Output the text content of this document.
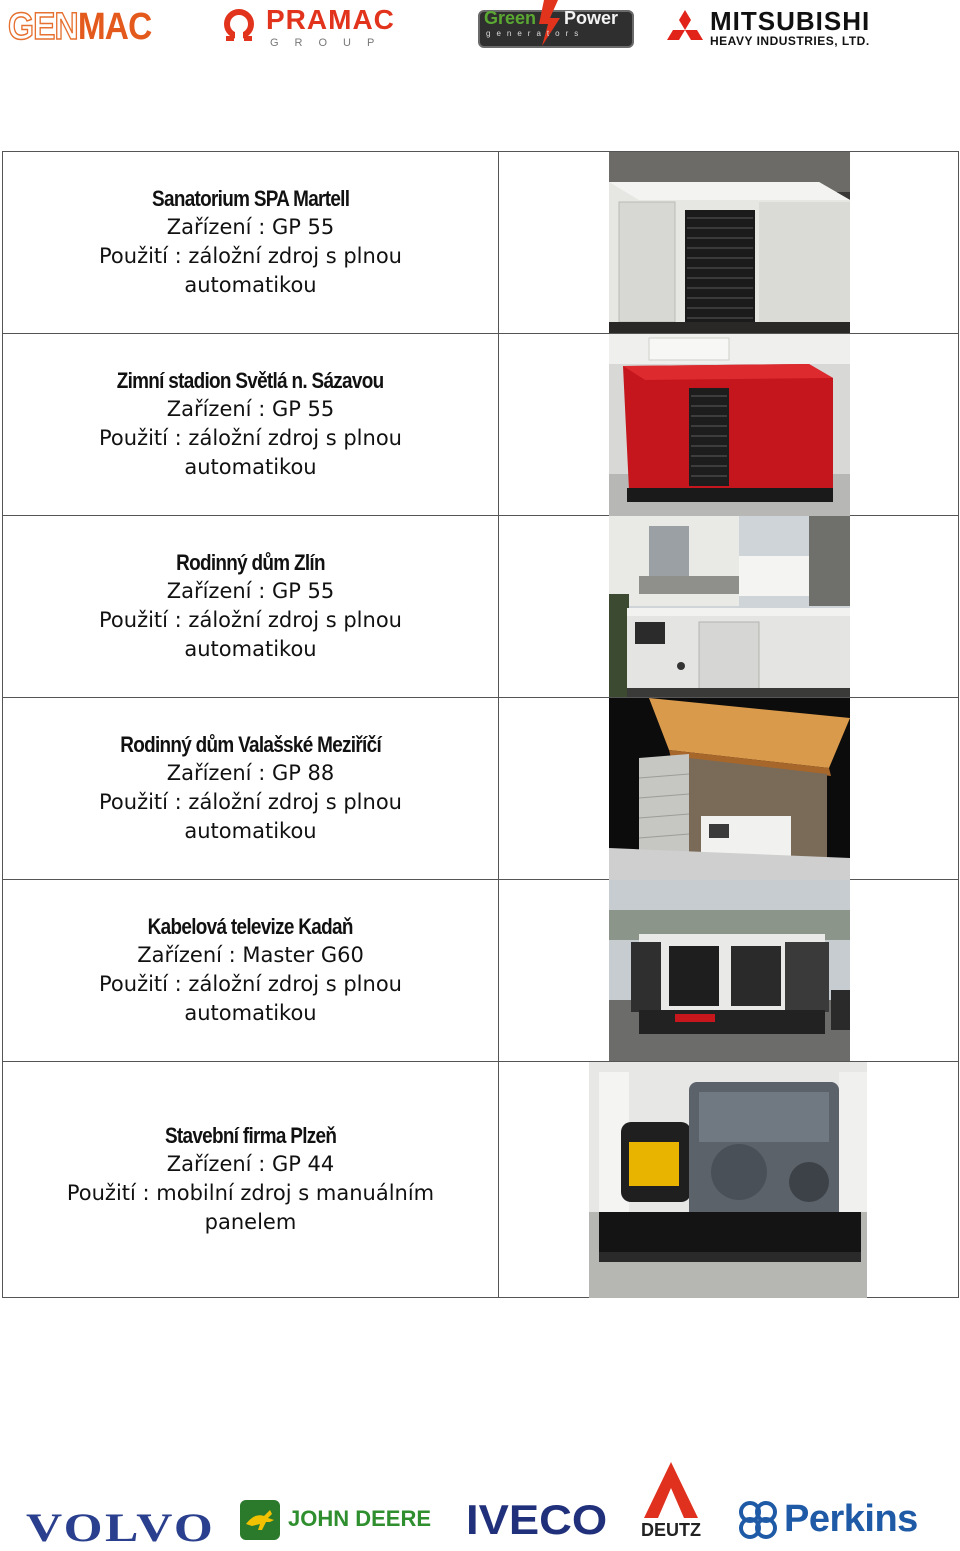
GENMAC	PRAMAC
GROUP
Green Power
generators	MITSUBISHI
HEAVY INDUSTRIES, LTD.
Sanatorium SPA Martell
Zařízení : GP 55
Použití : záložní zdroj s plnou
automatikou

Zimní stadion Světlá n. Sázavou
Zařízení : GP 55
Použití : záložní zdroj s plnou
automatikou

Rodinný dům Zlín
Zařízení : GP 55
Použití : záložní zdroj s plnou
automatikou

Rodinný dům Valašské Meziříčí
Zařízení : GP 88
Použití : záložní zdroj s plnou
automatikou

Kabelová televize Kadaň
Zařízení : Master G60
Použití : záložní zdroj s plnou
automatikou

Stavební firma Plzeň
Zařízení : GP 44
Použití : mobilní zdroj s manuálním
panelem

VOLVO	JOHN DEERE IVECO	DEUTZ Perkins
